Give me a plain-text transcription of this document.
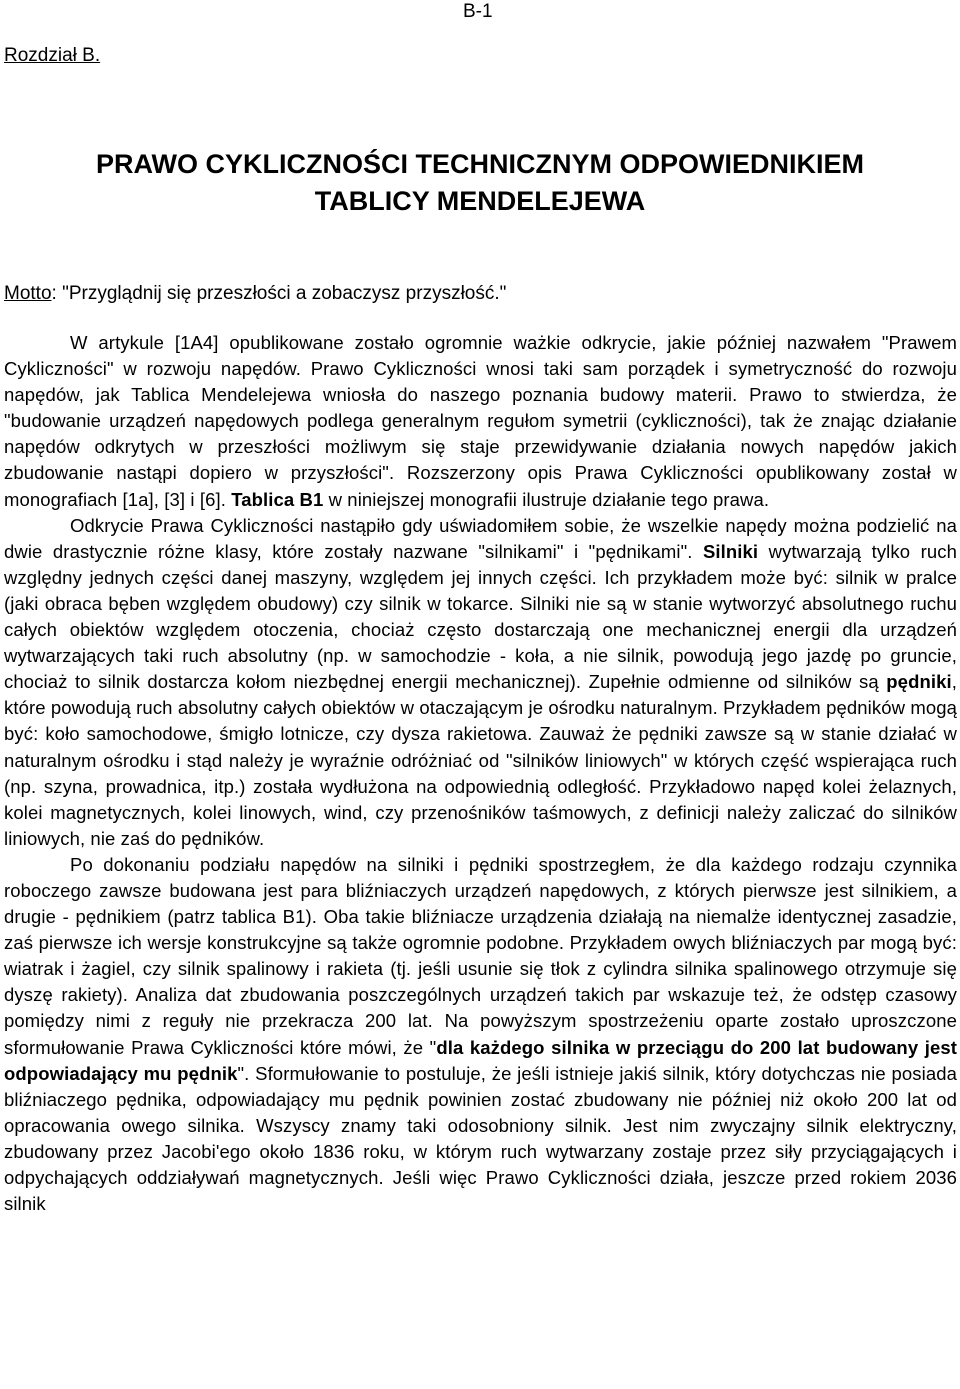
B-1
Rozdział B.
PRAWO CYKLICZNOŚCI TECHNICZNYM ODPOWIEDNIKIEM
TABLICY MENDELEJEWA
Motto: "Przyglądnij się przeszłości a zobaczysz przyszłość."

W artykule [1A4] opublikowane zostało ogromnie ważkie odkrycie, jakie później nazwałem "Prawem Cykliczności" w rozwoju napędów. Prawo Cykliczności wnosi taki sam porządek i symetryczność do rozwoju napędów, jak Tablica Mendelejewa wniosła do naszego poznania budowy materii. Prawo to stwierdza, że "budowanie urządzeń napędowych podlega generalnym regułom symetrii (cykliczności), tak że znając działanie napędów odkrytych w przeszłości możliwym się staje przewidywanie działania nowych napędów jakich zbudowanie nastąpi dopiero w przyszłości". Rozszerzony opis Prawa Cykliczności opublikowany został w monografiach [1a], [3] i [6]. Tablica B1 w niniejszej monografii ilustruje działanie tego prawa.

Odkrycie Prawa Cykliczności nastąpiło gdy uświadomiłem sobie, że wszelkie napędy można podzielić na dwie drastycznie różne klasy, które zostały nazwane "silnikami" i "pędnikami". Silniki wytwarzają tylko ruch względny jednych części danej maszyny, względem jej innych części. Ich przykładem może być: silnik w pralce (jaki obraca bęben względem obudowy) czy silnik w tokarce. Silniki nie są w stanie wytworzyć absolutnego ruchu całych obiektów względem otoczenia, chociaż często dostarczają one mechanicznej energii dla urządzeń wytwarzających taki ruch absolutny (np. w samochodzie - koła, a nie silnik, powodują jego jazdę po gruncie, chociaż to silnik dostarcza kołom niezbędnej energii mechanicznej). Zupełnie odmienne od silników są pędniki, które powodują ruch absolutny całych obiektów w otaczającym je ośrodku naturalnym. Przykładem pędników mogą być: koło samochodowe, śmigło lotnicze, czy dysza rakietowa. Zauważ że pędniki zawsze są w stanie działać w naturalnym ośrodku i stąd należy je wyraźnie odróżniać od "silników liniowych" w których część wspierająca ruch (np. szyna, prowadnica, itp.) została wydłużona na odpowiednią odległość. Przykładowo napęd kolei żelaznych, kolei magnetycznych, kolei linowych, wind, czy przenośników taśmowych, z definicji należy zaliczać do silników liniowych, nie zaś do pędników.

Po dokonaniu podziału napędów na silniki i pędniki spostrzegłem, że dla każdego rodzaju czynnika roboczego zawsze budowana jest para bliźniaczych urządzeń napędowych, z których pierwsze jest silnikiem, a drugie - pędnikiem (patrz tablica B1). Oba takie bliźniacze urządzenia działają na niemalże identycznej zasadzie, zaś pierwsze ich wersje konstrukcyjne są także ogromnie podobne. Przykładem owych bliźniaczych par mogą być: wiatrak i żagiel, czy silnik spalinowy i rakieta (tj. jeśli usunie się tłok z cylindra silnika spalinowego otrzymuje się dyszę rakiety). Analiza dat zbudowania poszczególnych urządzeń takich par wskazuje też, że odstęp czasowy pomiędzy nimi z reguły nie przekracza 200 lat. Na powyższym spostrzeżeniu oparte zostało uproszczone sformułowanie Prawa Cykliczności które mówi, że "dla każdego silnika w przeciągu do 200 lat budowany jest odpowiadający mu pędnik". Sformułowanie to postuluje, że jeśli istnieje jakiś silnik, który dotychczas nie posiada bliźniaczego pędnika, odpowiadający mu pędnik powinien zostać zbudowany nie później niż około 200 lat od opracowania owego silnika. Wszyscy znamy taki odosobniony silnik. Jest nim zwyczajny silnik elektryczny, zbudowany przez Jacobi'ego około 1836 roku, w którym ruch wytwarzany zostaje przez siły przyciągających i odpychających oddziaływań magnetycznych. Jeśli więc Prawo Cykliczności działa, jeszcze przed rokiem 2036 silnik
